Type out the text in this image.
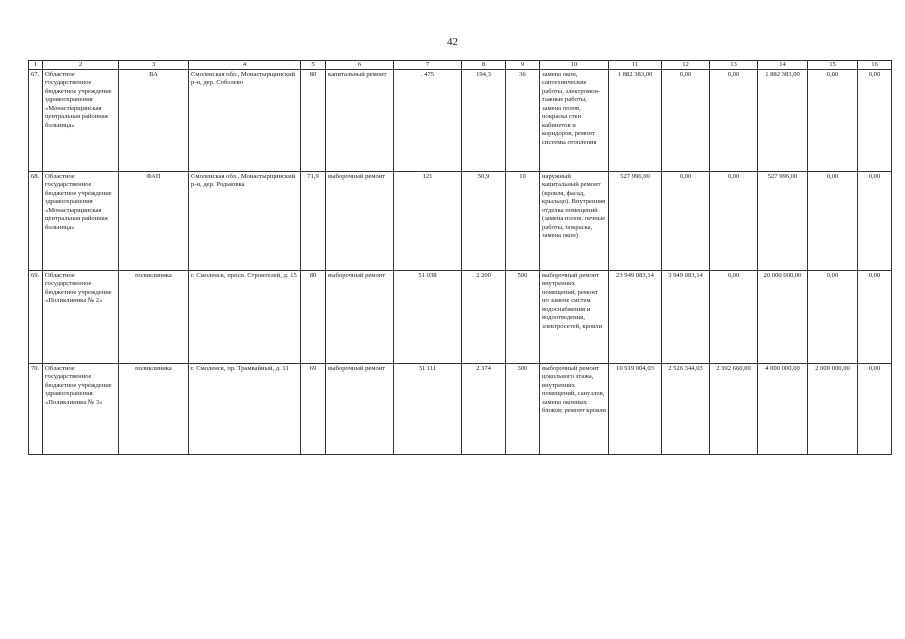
42
1	2	3	4	5	6	7	8	9	10	11	12	13	14	15	16
67.	Областное государственное бюджетное учреждение здравоохранения «Монастырщинская центральная районная больница»	ВА	Смоленская обл., Монастырщинский р-н, дер. Соболево	80	капитальный ремонт	. 475	194,3	36	замена окон, сантехнические работы, электромон-тажные работы, замена полов, покраска стен кабинетов и коридоров, ремонт системы отопления	1 882 383,00	0,00	0,00	1 882 383,00	0,00	0,00
68.	Областное государственное бюджетное учреждение здравоохранения «Монастырщинская центральная районная больница»	ФАП	Смоленская обл., Монастырщинский р-н, дер. Родьковка	71,9	выборочный ремонт	121	50,9	10	наружный капитальный ремонт (кровля, фасад, крыльцо). Внутренняя отделка помещений (замена полов, печные работы, покраска, замена окон)	527 996,00	0,00	0,00	527 996,00	0,00	0,00
69.	Областное государственное бюджетное учреждение «Поликлиника № 2»	поликлиника	г. Смоленск, просп. Строителей, д. 15	80	выборочный ремонт	51 038	2 200	500	выборочный ремонт внутренних помещений, ремонт по замене систем водоснабжения и водоотведения, электросетей, кровли	23 949 083,14	3 949 083,14	0,00	20 000 000,00	0,00	0,00
70.	Областное государственное бюджетное учреждение здравоохранения «Поликлиника № 3»	поликлиника	г. Смоленск, пр. Трамвайный, д. 11	69	выборочный ремонт	31 111	2 374	300	выборочный ремонт цокольного этажа, внутренних помещений, санузлов, замена оконных блоков; ремонт кровли	10 919 004,03	2 526 344,03	2 392 660,00	4 000 000,00	2 000 000,00	0,00
